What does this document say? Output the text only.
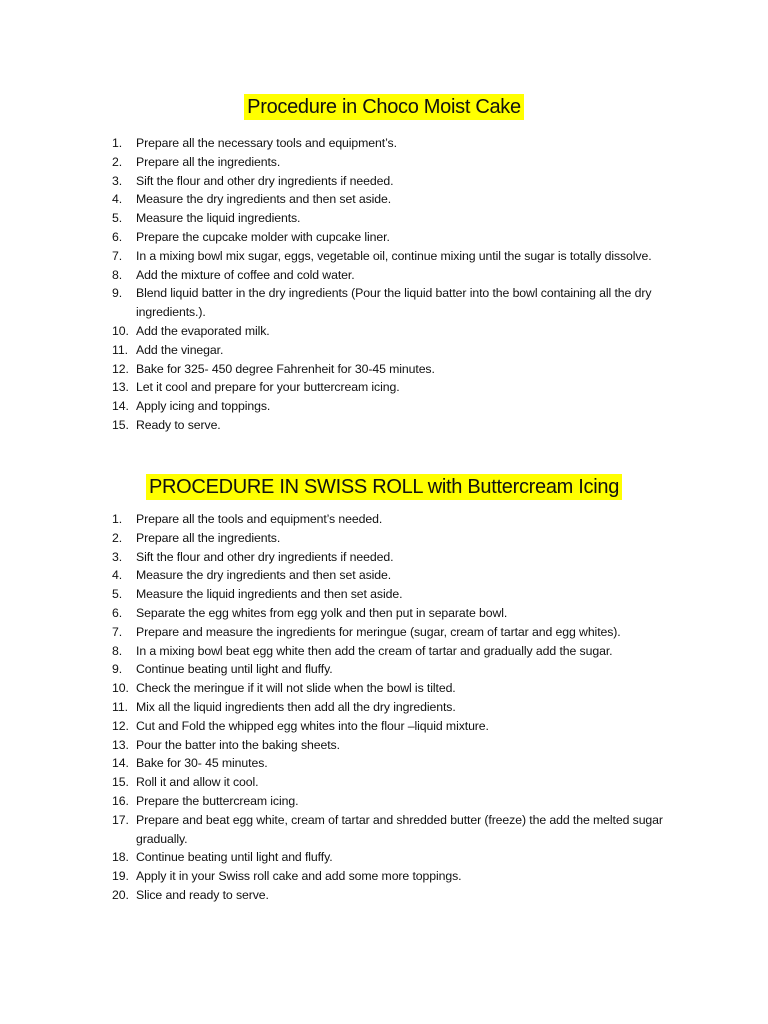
Procedure in Choco Moist Cake
1.	Prepare all the necessary tools and equipment’s.
2.	Prepare all the ingredients.
3.	Sift the flour and other dry ingredients if needed.
4.	Measure the dry ingredients and then set aside.
5.	Measure the liquid ingredients.
6.	Prepare the cupcake molder with cupcake liner.
7.	In a mixing bowl mix sugar, eggs, vegetable oil, continue mixing until the sugar is totally dissolve.
8.	Add the mixture of coffee and cold water.
9.	Blend liquid batter in the dry ingredients (Pour the liquid batter into the bowl containing all the dry ingredients.).
10. Add the evaporated milk.
11. Add the vinegar.
12. Bake for 325- 450 degree Fahrenheit for 30-45 minutes.
13. Let it cool and prepare for your buttercream icing.
14. Apply icing and toppings.
15. Ready to serve.
PROCEDURE IN SWISS ROLL with Buttercream Icing
1.	Prepare all the tools and equipment’s needed.
2.	Prepare all the ingredients.
3.	Sift the flour and other dry ingredients if needed.
4.	Measure the dry ingredients and then set aside.
5.	Measure the liquid ingredients and then set aside.
6.	Separate the egg whites from egg yolk and then put in separate bowl.
7.	Prepare and measure the ingredients for meringue (sugar, cream of tartar and egg whites).
8.	In a mixing bowl beat egg white then add the cream of tartar and gradually add the sugar.
9.	Continue beating until light and fluffy.
10. Check the meringue if it will not slide when the bowl is tilted.
11. Mix all the liquid ingredients then add all the dry ingredients.
12. Cut and Fold the whipped egg whites into the flour –liquid mixture.
13. Pour the batter into the baking sheets.
14. Bake for 30- 45 minutes.
15. Roll it and allow it cool.
16. Prepare the buttercream icing.
17. Prepare and beat egg white, cream of tartar and shredded butter (freeze) the add the melted sugar gradually.
18. Continue beating until light and fluffy.
19. Apply it in your Swiss roll cake and add some more toppings.
20. Slice and ready to serve.
